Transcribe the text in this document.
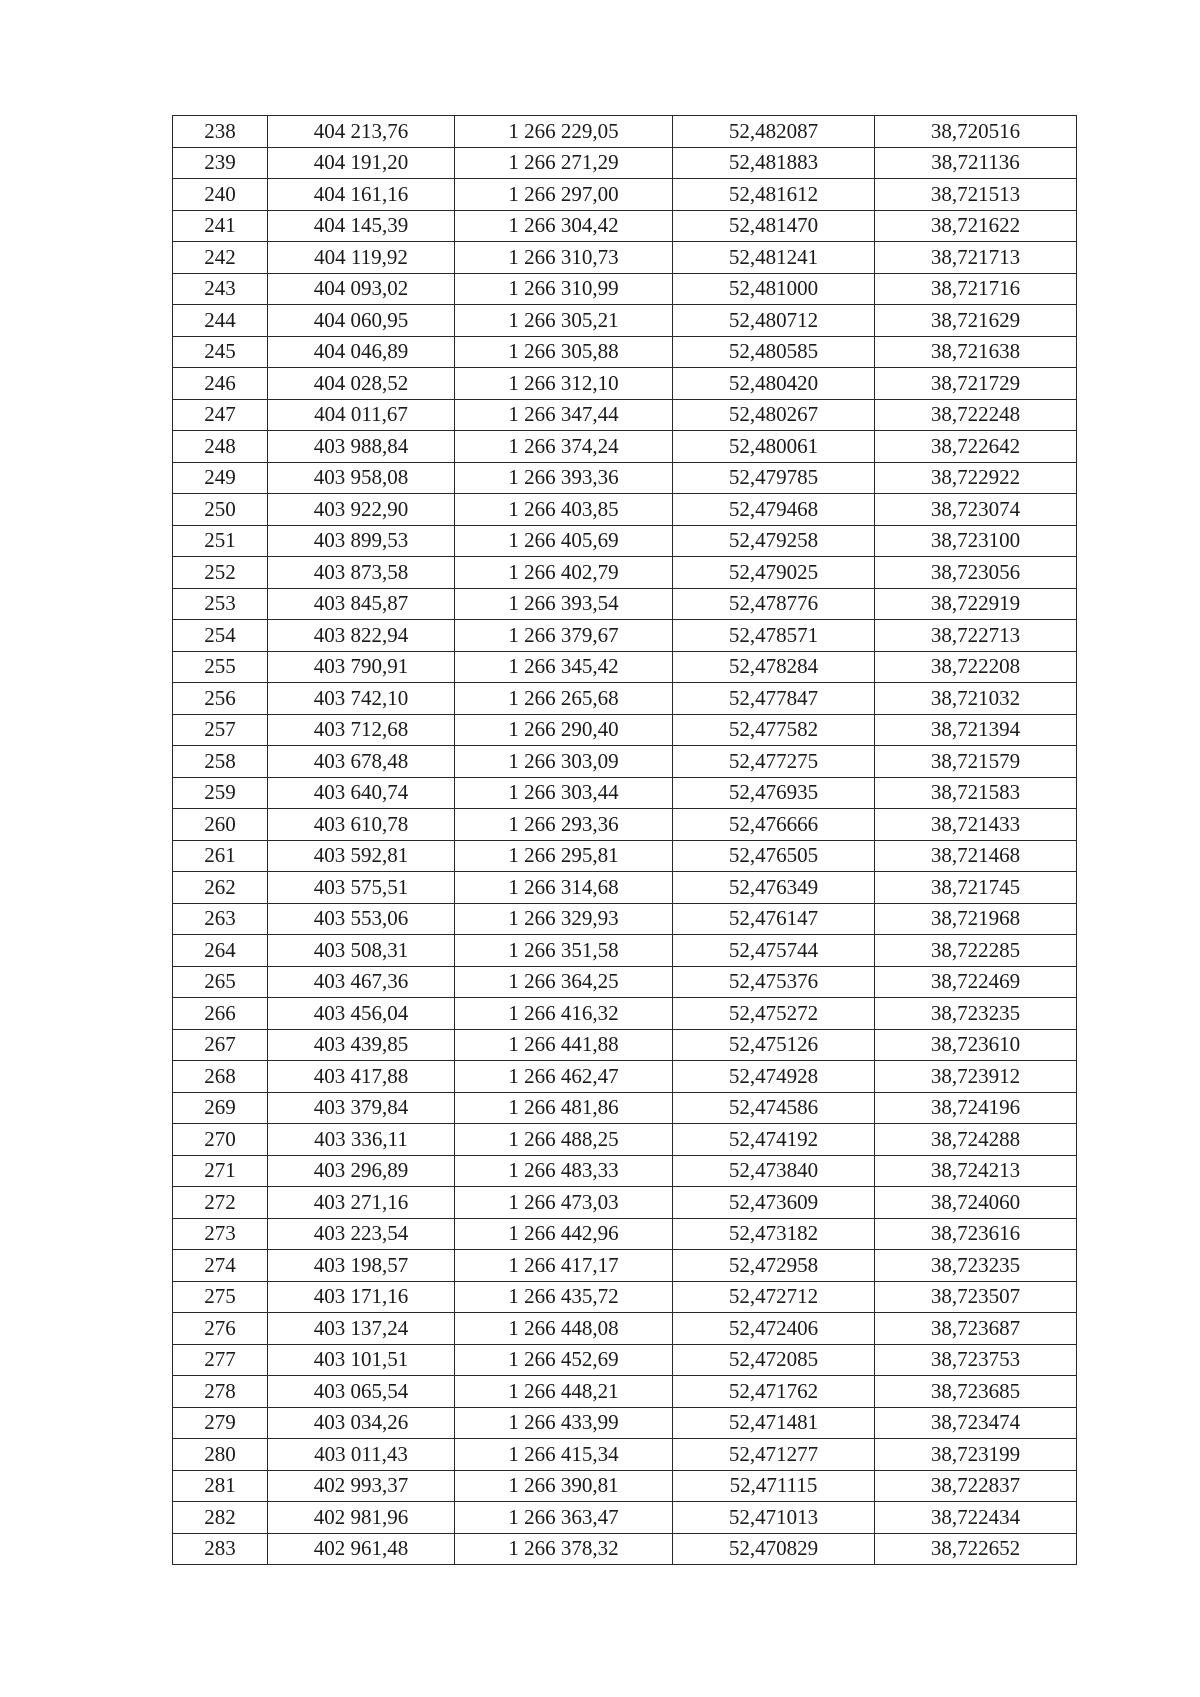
238	404 213,76	1 266 229,05	52,482087	38,720516
239	404 191,20	1 266 271,29	52,481883	38,721136
240	404 161,16	1 266 297,00	52,481612	38,721513
241	404 145,39	1 266 304,42	52,481470	38,721622
242	404 119,92	1 266 310,73	52,481241	38,721713
243	404 093,02	1 266 310,99	52,481000	38,721716
244	404 060,95	1 266 305,21	52,480712	38,721629
245	404 046,89	1 266 305,88	52,480585	38,721638
246	404 028,52	1 266 312,10	52,480420	38,721729
247	404 011,67	1 266 347,44	52,480267	38,722248
248	403 988,84	1 266 374,24	52,480061	38,722642
249	403 958,08	1 266 393,36	52,479785	38,722922
250	403 922,90	1 266 403,85	52,479468	38,723074
251	403 899,53	1 266 405,69	52,479258	38,723100
252	403 873,58	1 266 402,79	52,479025	38,723056
253	403 845,87	1 266 393,54	52,478776	38,722919
254	403 822,94	1 266 379,67	52,478571	38,722713
255	403 790,91	1 266 345,42	52,478284	38,722208
256	403 742,10	1 266 265,68	52,477847	38,721032
257	403 712,68	1 266 290,40	52,477582	38,721394
258	403 678,48	1 266 303,09	52,477275	38,721579
259	403 640,74	1 266 303,44	52,476935	38,721583
260	403 610,78	1 266 293,36	52,476666	38,721433
261	403 592,81	1 266 295,81	52,476505	38,721468
262	403 575,51	1 266 314,68	52,476349	38,721745
263	403 553,06	1 266 329,93	52,476147	38,721968
264	403 508,31	1 266 351,58	52,475744	38,722285
265	403 467,36	1 266 364,25	52,475376	38,722469
266	403 456,04	1 266 416,32	52,475272	38,723235
267	403 439,85	1 266 441,88	52,475126	38,723610
268	403 417,88	1 266 462,47	52,474928	38,723912
269	403 379,84	1 266 481,86	52,474586	38,724196
270	403 336,11	1 266 488,25	52,474192	38,724288
271	403 296,89	1 266 483,33	52,473840	38,724213
272	403 271,16	1 266 473,03	52,473609	38,724060
273	403 223,54	1 266 442,96	52,473182	38,723616
274	403 198,57	1 266 417,17	52,472958	38,723235
275	403 171,16	1 266 435,72	52,472712	38,723507
276	403 137,24	1 266 448,08	52,472406	38,723687
277	403 101,51	1 266 452,69	52,472085	38,723753
278	403 065,54	1 266 448,21	52,471762	38,723685
279	403 034,26	1 266 433,99	52,471481	38,723474
280	403 011,43	1 266 415,34	52,471277	38,723199
281	402 993,37	1 266 390,81	52,471115	38,722837
282	402 981,96	1 266 363,47	52,471013	38,722434
283	402 961,48	1 266 378,32	52,470829	38,722652
